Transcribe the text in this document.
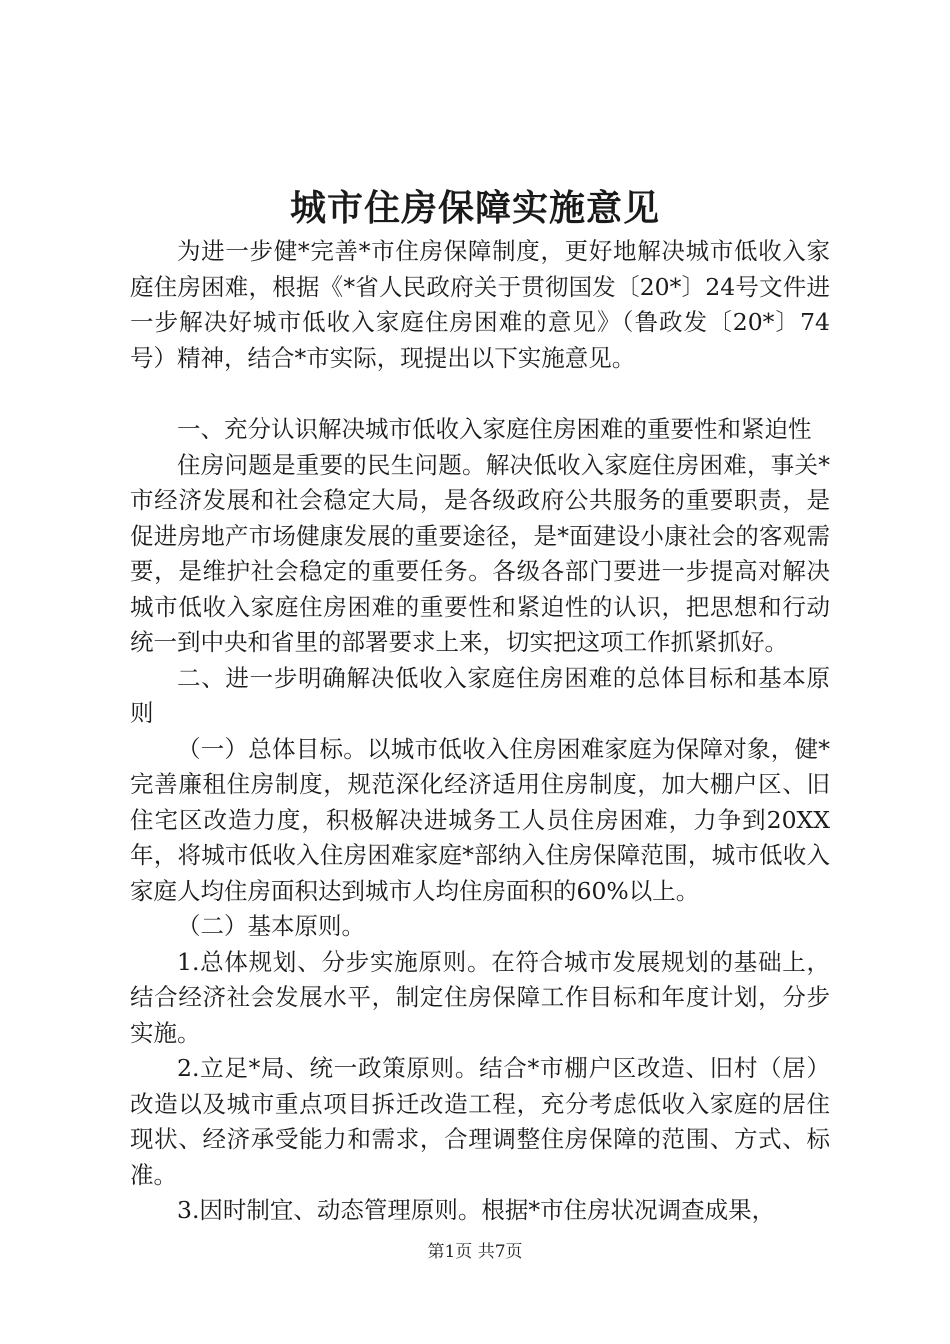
城市住房保障实施意见

为进一步健*完善*市住房保障制度，更好地解决城市低收入家庭住房困难，根据《*省人民政府关于贯彻国发〔20*〕24号文件进一步解决好城市低收入家庭住房困难的意见》（鲁政发〔20*〕74号）精神，结合*市实际，现提出以下实施意见。

一、充分认识解决城市低收入家庭住房困难的重要性和紧迫性

住房问题是重要的民生问题。解决低收入家庭住房困难，事关*市经济发展和社会稳定大局，是各级政府公共服务的重要职责，是促进房地产市场健康发展的重要途径，是*面建设小康社会的客观需要，是维护社会稳定的重要任务。各级各部门要进一步提高对解决城市低收入家庭住房困难的重要性和紧迫性的认识，把思想和行动统一到中央和省里的部署要求上来，切实把这项工作抓紧抓好。

二、进一步明确解决低收入家庭住房困难的总体目标和基本原则

（一）总体目标。以城市低收入住房困难家庭为保障对象，健*完善廉租住房制度，规范深化经济适用住房制度，加大棚户区、旧住宅区改造力度，积极解决进城务工人员住房困难，力争到20XX年，将城市低收入住房困难家庭*部纳入住房保障范围，城市低收入家庭人均住房面积达到城市人均住房面积的60%以上。

（二）基本原则。

1.总体规划、分步实施原则。在符合城市发展规划的基础上，结合经济社会发展水平，制定住房保障工作目标和年度计划，分步实施。

2.立足*局、统一政策原则。结合*市棚户区改造、旧村（居）改造以及城市重点项目拆迁改造工程，充分考虑低收入家庭的居住现状、经济承受能力和需求，合理调整住房保障的范围、方式、标准。

3.因时制宜、动态管理原则。根据*市住房状况调查成果，

第1页 共7页
